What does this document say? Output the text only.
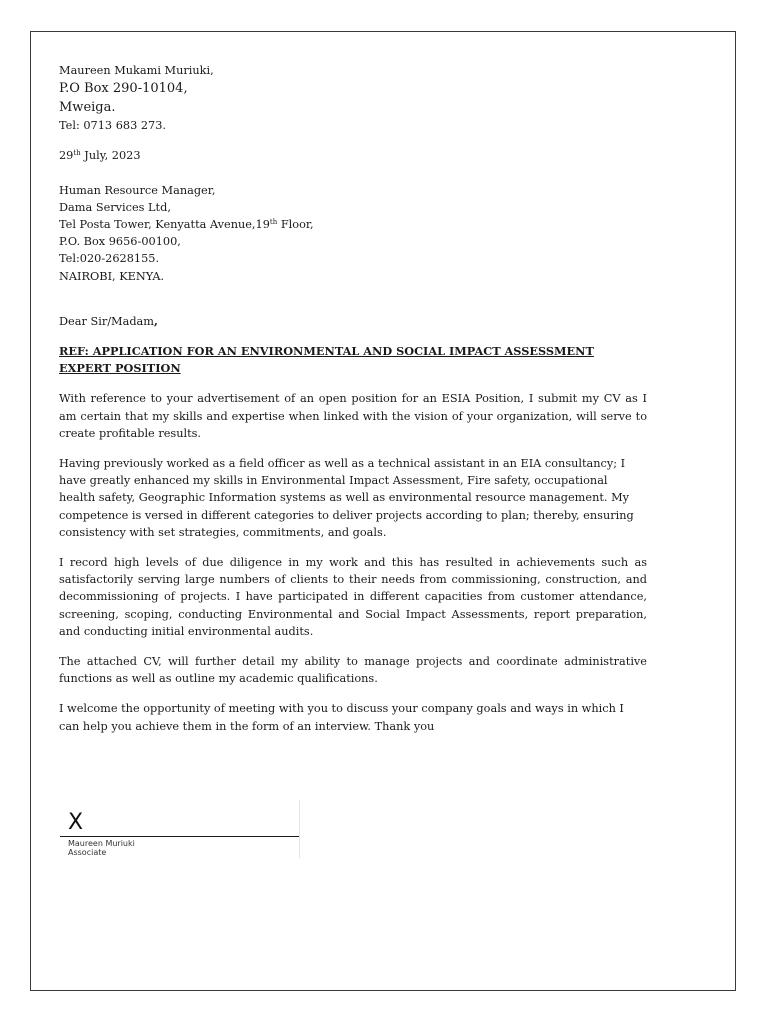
Maureen Mukami Muriuki,

P.O Box 290-10104,

Mweiga.

Tel: 0713 683 273.

29th July, 2023

Human Resource Manager,

Dama Services Ltd,

Tel Posta Tower, Kenyatta Avenue,19th Floor,

P.O. Box 9656-00100,

Tel:020-2628155.

NAIROBI, KENYA.

Dear Sir/Madam,

REF: APPLICATION FOR AN ENVIRONMENTAL AND SOCIAL IMPACT ASSESSMENT EXPERT POSITION

With reference to your advertisement of an open position for an ESIA Position, I submit my CV as I am certain that my skills and expertise when linked with the vision of your organization, will serve to create profitable results.

Having previously worked as a field officer as well as a technical assistant in an EIA consultancy; I have greatly enhanced my skills in Environmental Impact Assessment, Fire safety, occupational health safety, Geographic Information systems as well as environmental resource management. My competence is versed in different categories to deliver projects according to plan; thereby, ensuring consistency with set strategies, commitments, and goals.

I record high levels of due diligence in my work and this has resulted in achievements such as satisfactorily serving large numbers of clients to their needs from commissioning, construction, and decommissioning of projects. I have participated in different capacities from customer attendance, screening, scoping, conducting Environmental and Social Impact Assessments, report preparation, and conducting initial environmental audits.

The attached CV, will further detail my ability to manage projects and coordinate administrative functions as well as outline my academic qualifications.

I welcome the opportunity of meeting with you to discuss your company goals and ways in which I can help you achieve them in the form of an interview. Thank you

X
Maureen Muriuki
Associate
